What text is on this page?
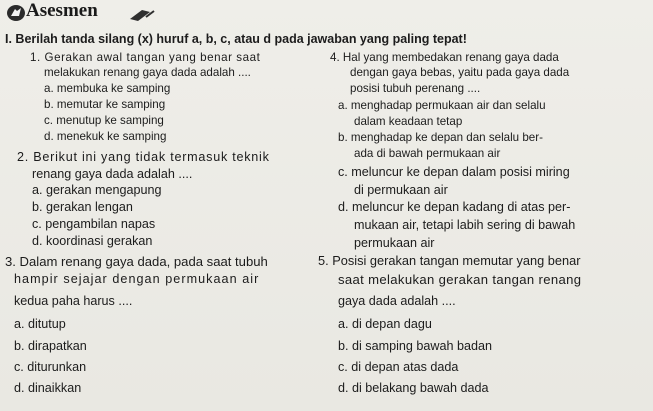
Asesmen
I. Berilah tanda silang (x) huruf a, b, c, atau d pada jawaban yang paling tepat!
1. Gerakan awal tangan yang benar saat
melakukan renang gaya dada adalah ....
a. membuka ke samping
b. memutar ke samping
c. menutup ke samping
d. menekuk ke samping
2. Berikut ini yang tidak termasuk teknik
renang gaya dada adalah ....
a. gerakan mengapung
b. gerakan lengan
c. pengambilan napas
d. koordinasi gerakan
3. Dalam renang gaya dada, pada saat tubuh
hampir sejajar dengan permukaan air
kedua paha harus ....
a. ditutup
b. dirapatkan
c. diturunkan
d. dinaikkan
4. Hal yang membedakan renang gaya dada
dengan gaya bebas, yaitu pada gaya dada
posisi tubuh perenang ....
a. menghadap permukaan air dan selalu
dalam keadaan tetap
b. menghadap ke depan dan selalu ber-
ada di bawah permukaan air
c. meluncur ke depan dalam posisi miring
di permukaan air
d. meluncur ke depan kadang di atas per-
mukaan air, tetapi labih sering di bawah
permukaan air
5. Posisi gerakan tangan memutar yang benar
saat melakukan gerakan tangan renang
gaya dada adalah ....
a. di depan dagu
b. di samping bawah badan
c. di depan atas dada
d. di belakang bawah dada
